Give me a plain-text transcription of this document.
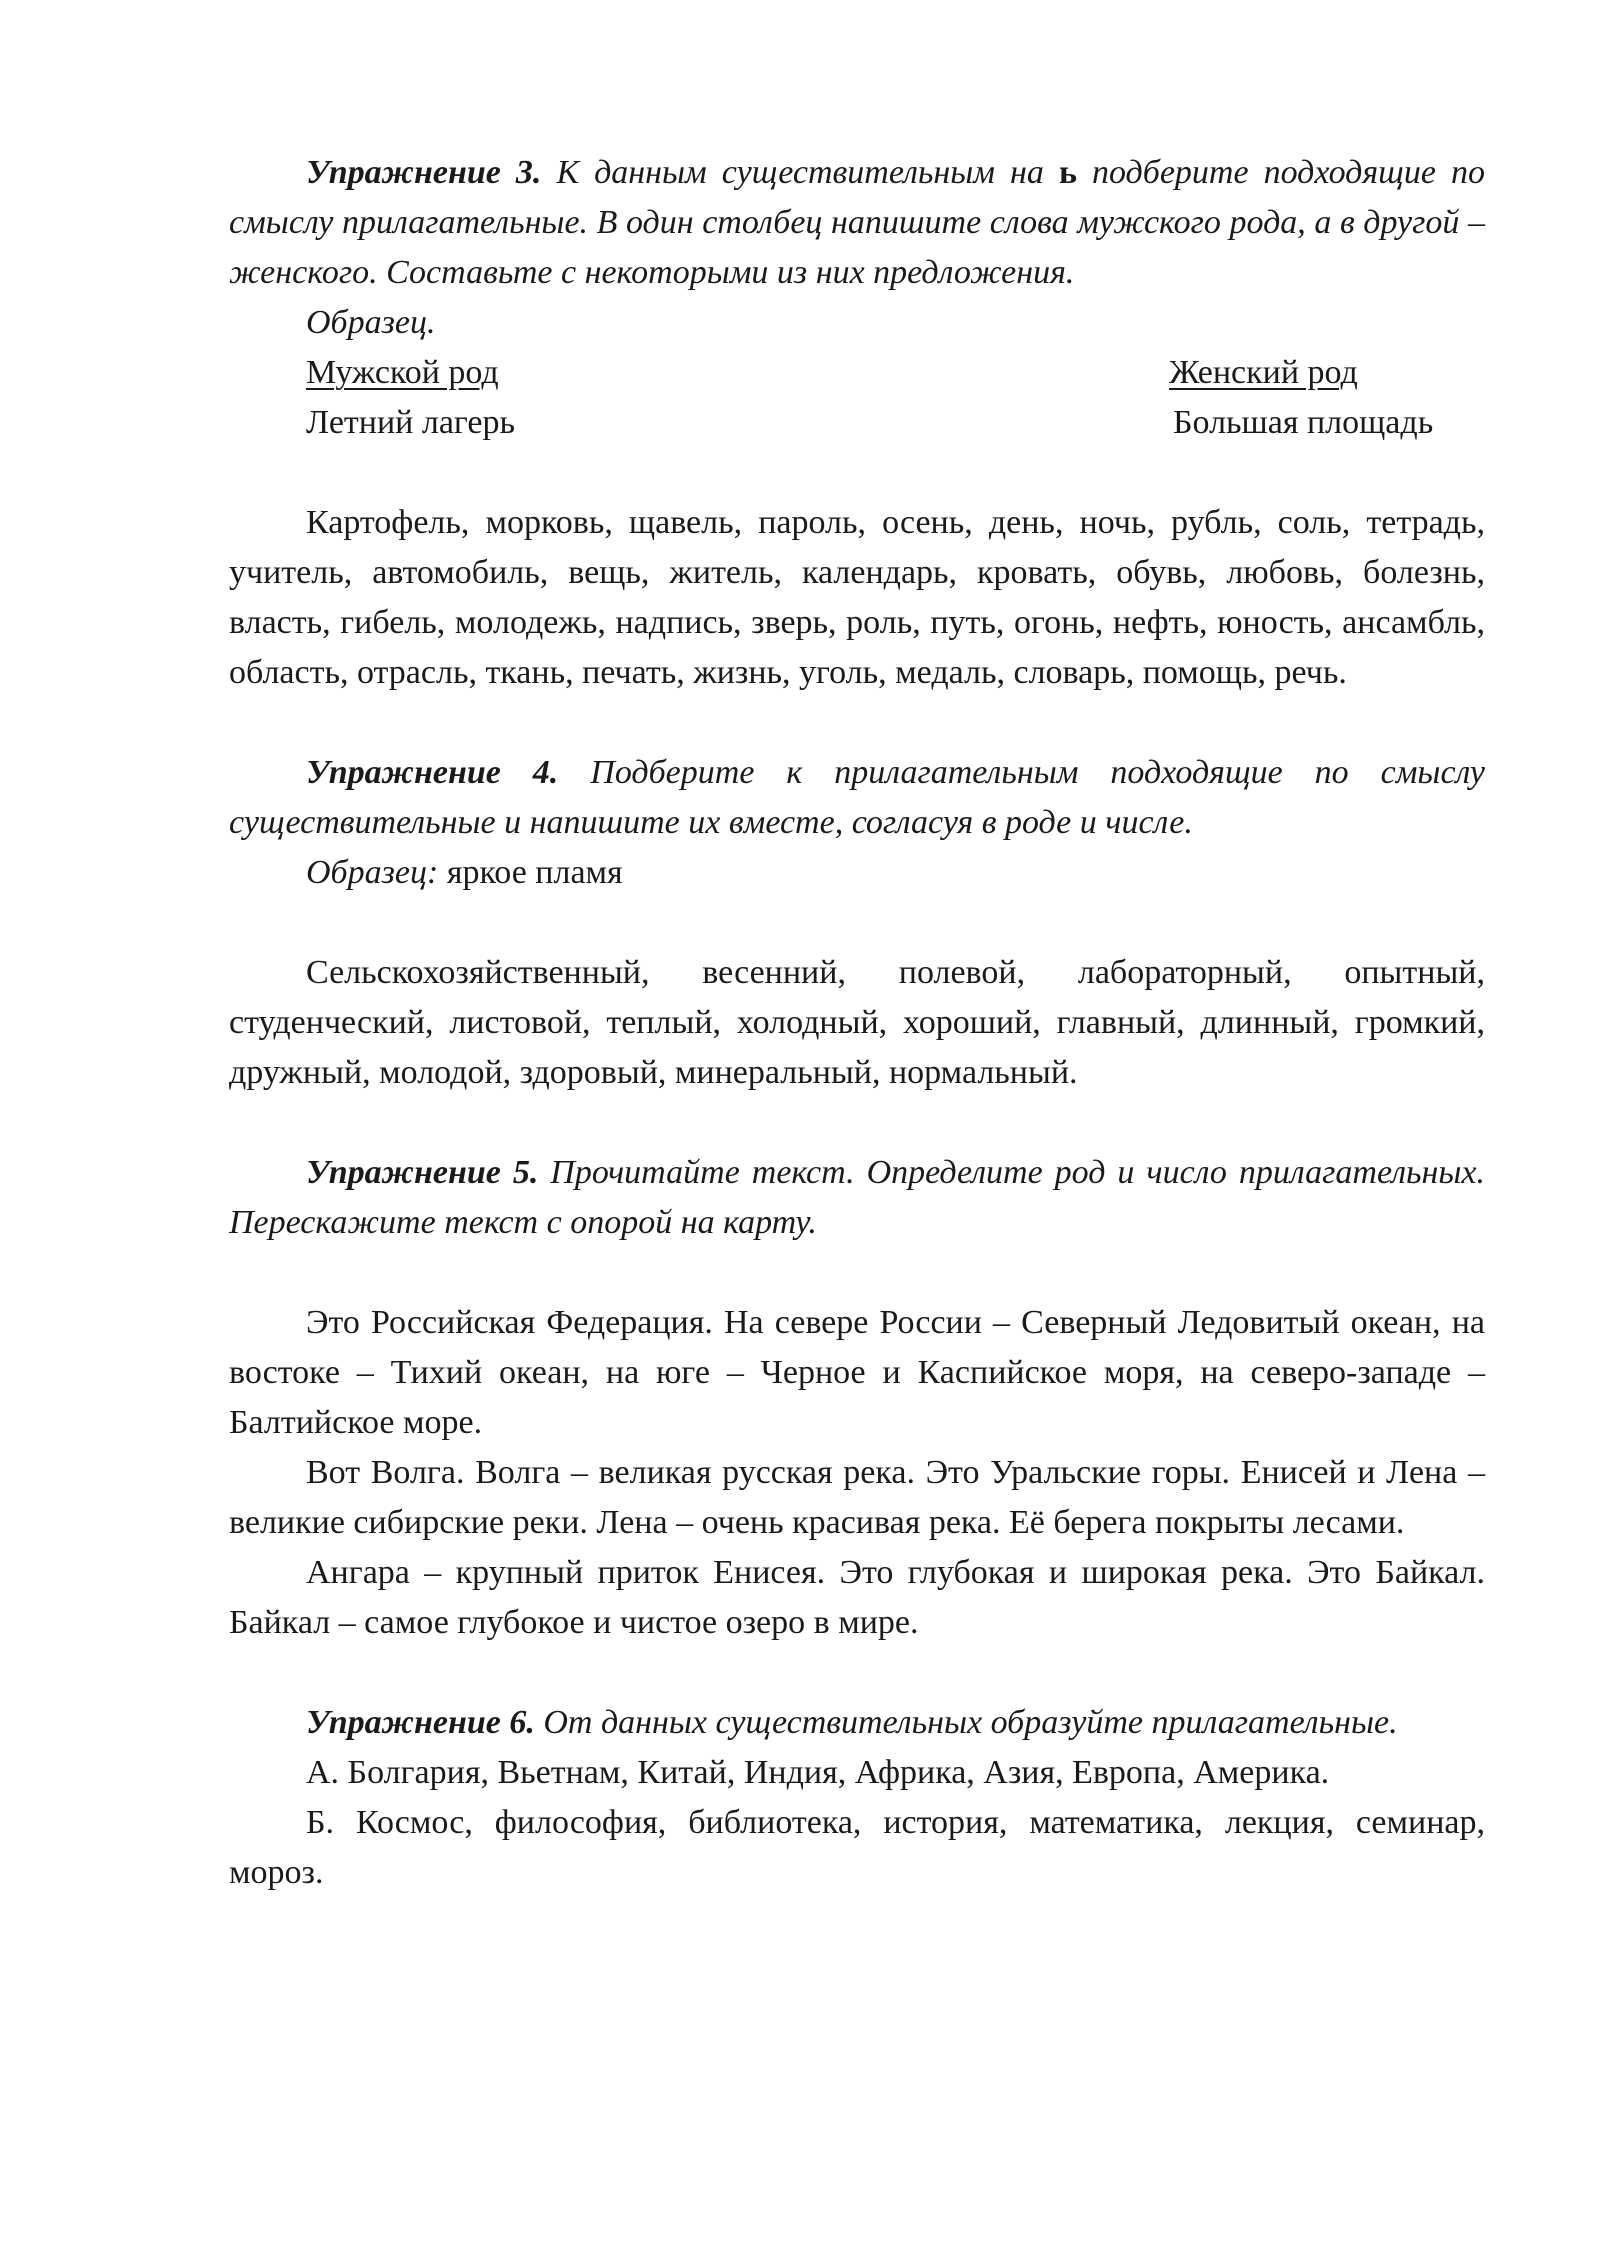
Упражнение 3. К данным существительным на ь подберите подходящие по смыслу прилагательные. В один столбец напишите слова мужского рода, а в другой – женского. Составьте с некоторыми из них предложения.

Образец.

Мужской род	Женский род
Летний лагерь	Большая площадь

Картофель, морковь, щавель, пароль, осень, день, ночь, рубль, соль, тетрадь, учитель, автомобиль, вещь, житель, календарь, кровать, обувь, любовь, болезнь, власть, гибель, молодежь, надпись, зверь, роль, путь, огонь, нефть, юность, ансамбль, область, отрасль, ткань, печать, жизнь, уголь, медаль, словарь, помощь, речь.

Упражнение 4. Подберите к прилагательным подходящие по смыслу существительные и напишите их вместе, согласуя в роде и числе.

Образец: яркое пламя

Сельскохозяйственный, весенний, полевой, лабораторный, опытный, студенческий, листовой, теплый, холодный, хороший, главный, длинный, громкий, дружный, молодой, здоровый, минеральный, нормальный.

Упражнение 5. Прочитайте текст. Определите род и число прилагательных. Перескажите текст с опорой на карту.

Это Российская Федерация. На севере России – Северный Ледовитый океан, на востоке – Тихий океан, на юге – Черное и Каспийское моря, на северо-западе – Балтийское море.

Вот Волга. Волга – великая русская река. Это Уральские горы. Енисей и Лена – великие сибирские реки. Лена – очень красивая река. Её берега покрыты лесами.

Ангара – крупный приток Енисея. Это глубокая и широкая река. Это Байкал. Байкал – самое глубокое и чистое озеро в мире.

Упражнение 6. От данных существительных образуйте прилагательные.

А. Болгария, Вьетнам, Китай, Индия, Африка, Азия, Европа, Америка.

Б. Космос, философия, библиотека, история, математика, лекция, семинар, мороз.
